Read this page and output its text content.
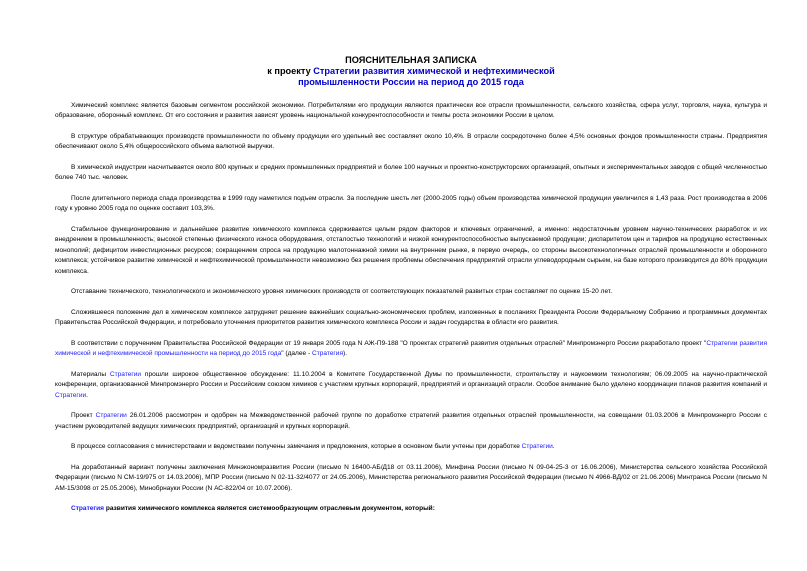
ПОЯСНИТЕЛЬНАЯ ЗАПИСКА
к проекту Стратегии развития химической и нефтехимической
промышленности России на период до 2015 года

Химический комплекс является базовым сегментом российской экономики. Потребителями его продукции являются практически все отрасли промышленности, сельского хозяйства, сфера услуг, торговля, наука, культура и образование, оборонный комплекс. От его состояния и развития зависят уровень национальной конкурентоспособности и темпы роста экономики России в целом.

В структуре обрабатывающих производств промышленности по объему продукции его удельный вес составляет около 10,4%. В отрасли сосредоточено более 4,5% основных фондов промышленности страны. Предприятия обеспечивают около 5,4% общероссийского объема валютной выручки.

В химической индустрии насчитывается около 800 крупных и средних промышленных предприятий и более 100 научных и проектно-конструкторских организаций, опытных и экспериментальных заводов с общей численностью более 740 тыс. человек.

После длительного периода спада производства в 1999 году наметился подъем отрасли. За последние шесть лет (2000-2005 годы) объем производства химической продукции увеличился в 1,43 раза. Рост производства в 2006 году к уровню 2005 года по оценке составит 103,3%.

Стабильное функционирование и дальнейшее развитие химического комплекса сдерживается целым рядом факторов и ключевых ограничений, а именно: недостаточным уровнем научно-технических разработок и их внедрением в промышленность; высокой степенью физического износа оборудования, отсталостью технологий и низкой конкурентоспособностью выпускаемой продукции; диспаритетом цен и тарифов на продукцию естественных монополий; дефицитом инвестиционных ресурсов; сокращением спроса на продукцию малотоннажной химии на внутреннем рынке, в первую очередь, со стороны высокотехнологичных отраслей промышленности и оборонного комплекса; устойчивое развитие химической и нефтехимической промышленности невозможно без решения проблемы обеспечения предприятий отрасли углеводородным сырьем, на базе которого производится до 80% продукции комплекса.

Отставание технического, технологического и экономического уровня химических производств от соответствующих показателей развитых стран составляет по оценке 15-20 лет.

Сложившееся положение дел в химическом комплексе затрудняет решение важнейших социально-экономических проблем, изложенных в посланиях Президента России Федеральному Собранию и программных документах Правительства Российской Федерации, и потребовало уточнения приоритетов развития химического комплекса России и задач государства в области его развития.

В соответствии с поручением Правительства Российской Федерации от 19 января 2005 года N АЖ-П9-188 "О проектах стратегий развития отдельных отраслей" Минпромэнерго России разработало проект "Стратегии развития химической и нефтехимической промышленности на период до 2015 года" (далее - Стратегия).

Материалы Стратегии прошли широкое общественное обсуждение: 11.10.2004 в Комитете Государственной Думы по промышленности, строительству и наукоемким технологиям; 06.09.2005 на научно-практической конференции, организованной Минпромэнерго России и Российским союзом химиков с участием крупных корпораций, предприятий и организаций отрасли. Особое внимание было уделено координации планов развития компаний и Стратегии.

Проект Стратегии 26.01.2006 рассмотрен и одобрен на Межведомственной рабочей группе по доработке стратегий развития отдельных отраслей промышленности, на совещании 01.03.2006 в Минпромэнерго России с участием руководителей ведущих химических предприятий, организаций и крупных корпораций.

В процессе согласования с министерствами и ведомствами получены замечания и предложения, которые в основном были учтены при доработке Стратегии.

На доработанный вариант получены заключения Минэкономразвития России (письмо N 16400-АБ/Д18 от 03.11.2006), Минфина России (письмо N 09-04-25-3 от 16.06.2006), Министерства сельского хозяйства Российской Федерации (письмо N СМ-19/975 от 14.03.2006), МПР России (письмо N 02-11-32/4077 от 24.05.2006), Министерства регионального развития Российской Федерации (письмо N 4966-ВД/02 от 21.06.2006) Минтранса России (письмо N АМ-15/3098 от 25.05.2006), Минобрнауки России (N АС-822/04 от 10.07.2006).

Стратегия развития химического комплекса является системообразующим отраслевым документом, который:
